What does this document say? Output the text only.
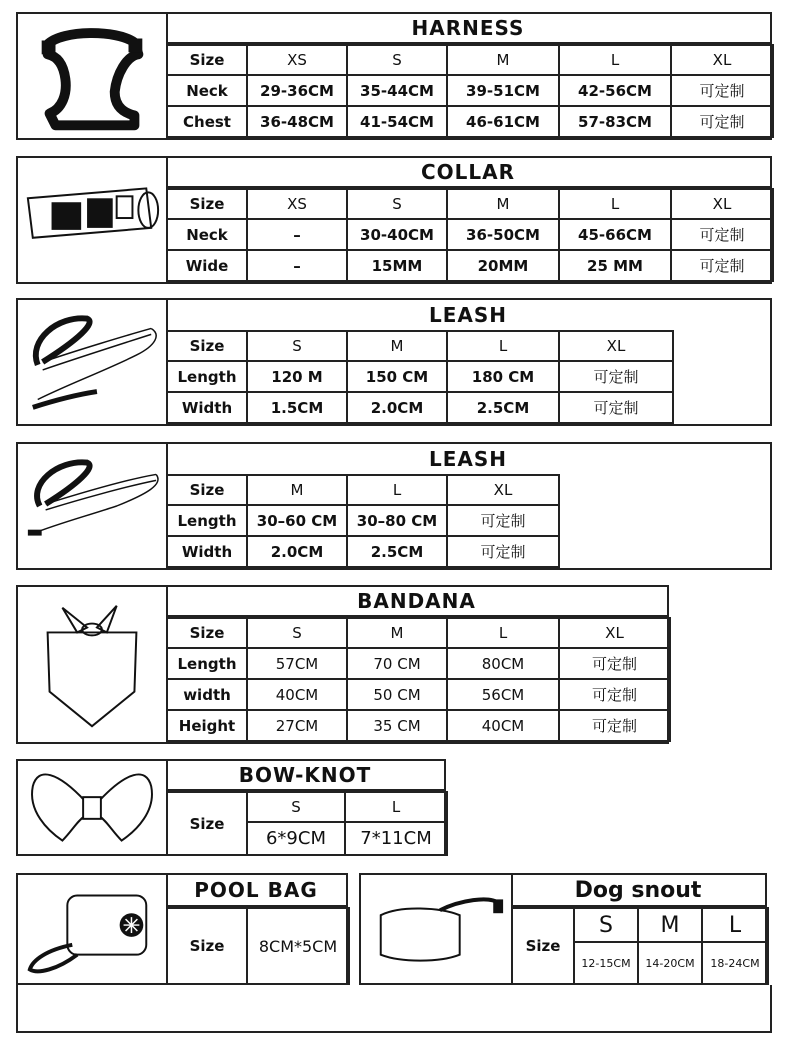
HARNESS
Size	XS	S	M	L	XL
Neck	29-36CM	35-44CM	39-51CM	42-56CM	可定制
Chest	36-48CM	41-54CM	46-61CM	57-83CM	可定制
COLLAR
Size	XS	S	M	L	XL
Neck	–	30-40CM	36-50CM	45-66CM	可定制
Wide	–	15MM	20MM	25 MM	可定制
LEASH
Size	S	M	L	XL
Length	120 M	150 CM	180 CM	可定制
Width	1.5CM	2.0CM	2.5CM	可定制
LEASH
Size	M	L	XL
Length	30–60 CM	30–80 CM	可定制
Width	2.0CM	2.5CM	可定制
BANDANA
Size	S	M	L	XL
Length	57CM	70 CM	80CM	可定制
width	40CM	50 CM	56CM	可定制
Height	27CM	35 CM	40CM	可定制
BOW-KNOT
Size	S	L
	6*9CM	7*11CM
POOL BAG
Size	8CM*5CM
Dog snout
Size	S	M	L
	12-15CM	14-20CM	18-24CM
